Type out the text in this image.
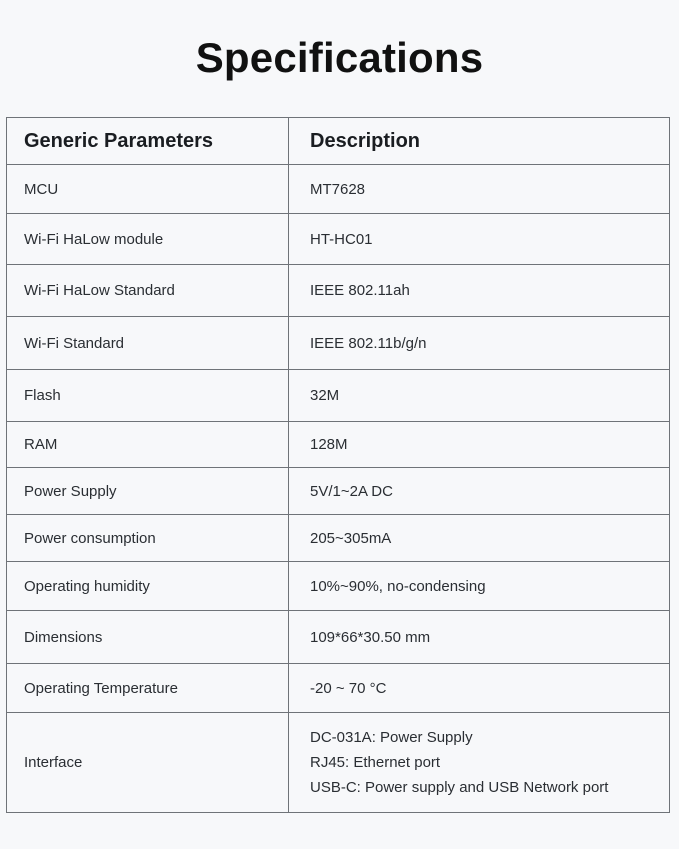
Specifications
Generic Parameters	Description
MCU	MT7628
Wi-Fi HaLow module	HT-HC01
Wi-Fi HaLow Standard	IEEE 802.11ah
Wi-Fi Standard	IEEE 802.11b/g/n
Flash	32M
RAM	128M
Power Supply	5V/1~2A DC
Power consumption	205~305mA
Operating humidity	10%~90%, no-condensing
Dimensions	109*66*30.50 mm
Operating Temperature	-20 ~ 70 °C
Interface	DC-031A: Power Supply
RJ45: Ethernet port
USB-C: Power supply and USB Network port
